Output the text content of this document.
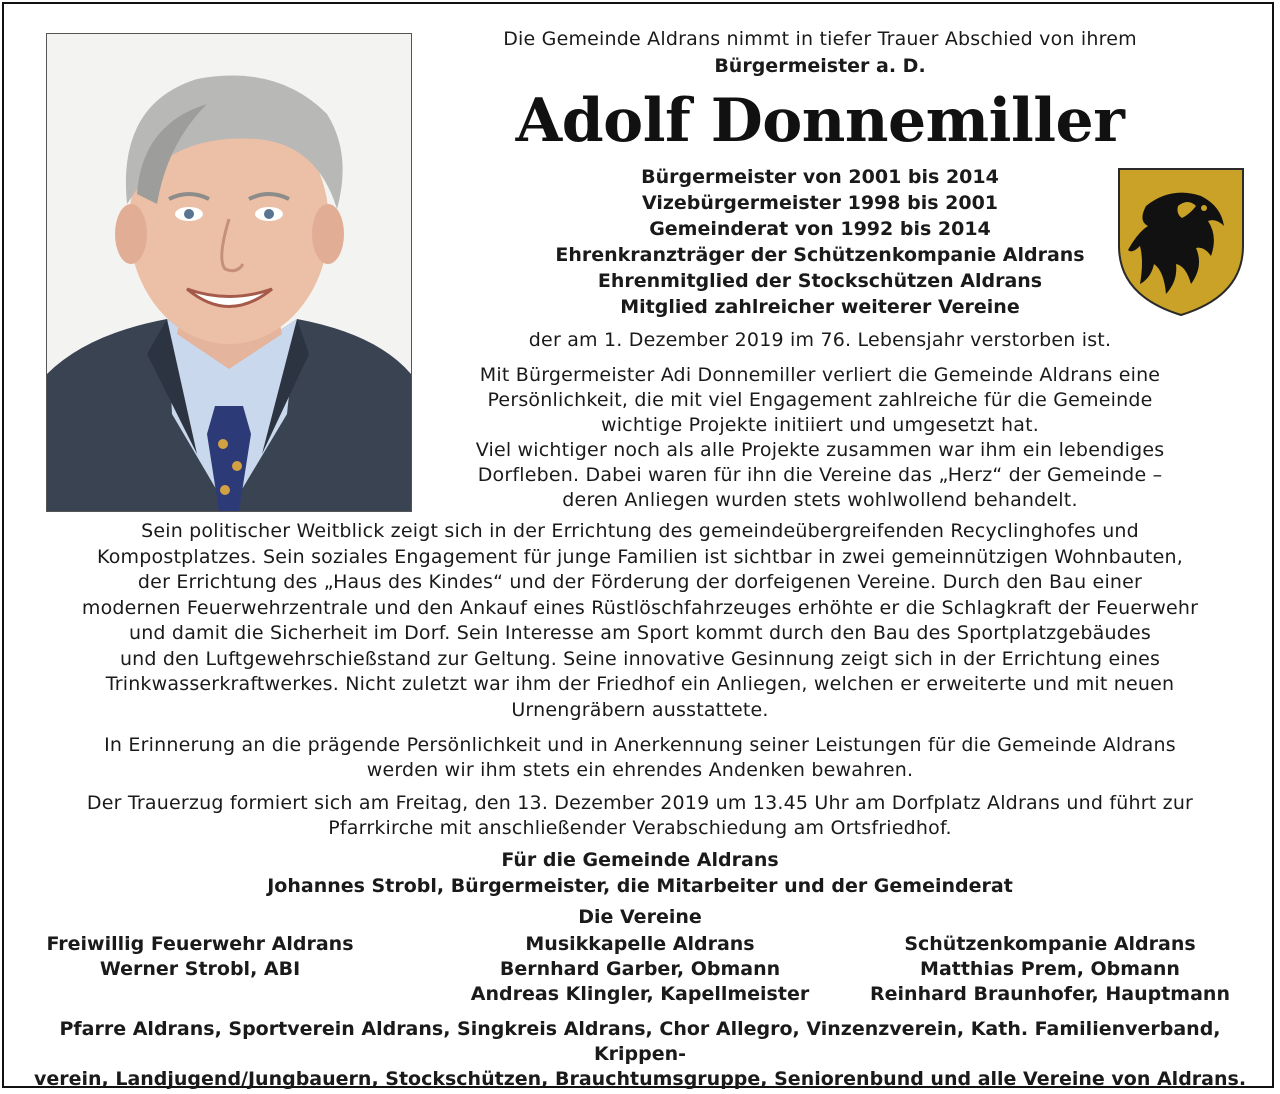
Die Gemeinde Aldrans nimmt in tiefer Trauer Abschied von ihrem
Bürgermeister a. D.
Adolf Donnemiller
Bürgermeister von 2001 bis 2014
Vizebürgermeister 1998 bis 2001
Gemeinderat von 1992 bis 2014
Ehrenkranzträger der Schützenkompanie Aldrans
Ehrenmitglied der Stockschützen Aldrans
Mitglied zahlreicher weiterer Vereine
der am 1. Dezember 2019 im 76. Lebensjahr verstorben ist.
Mit Bürgermeister Adi Donnemiller verliert die Gemeinde Aldrans eine
Persönlichkeit, die mit viel Engagement zahlreiche für die Gemeinde
wichtige Projekte initiiert und umgesetzt hat.
Viel wichtiger noch als alle Projekte zusammen war ihm ein lebendiges
Dorfleben. Dabei waren für ihn die Vereine das „Herz“ der Gemeinde –
deren Anliegen wurden stets wohlwollend behandelt.
Sein politischer Weitblick zeigt sich in der Errichtung des gemeindeübergreifenden Recyclinghofes und
Kompostplatzes. Sein soziales Engagement für junge Familien ist sichtbar in zwei gemeinnützigen Wohnbauten,
der Errichtung des „Haus des Kindes“ und der Förderung der dorfeigenen Vereine. Durch den Bau einer
modernen Feuerwehrzentrale und den Ankauf eines Rüstlöschfahrzeuges erhöhte er die Schlagkraft der Feuerwehr
und damit die Sicherheit im Dorf. Sein Interesse am Sport kommt durch den Bau des Sportplatzgebäudes
und den Luftgewehrschießstand zur Geltung. Seine innovative Gesinnung zeigt sich in der Errichtung eines
Trinkwasserkraftwerkes. Nicht zuletzt war ihm der Friedhof ein Anliegen, welchen er erweiterte und mit neuen
Urnengräbern ausstattete.
In Erinnerung an die prägende Persönlichkeit und in Anerkennung seiner Leistungen für die Gemeinde Aldrans
werden wir ihm stets ein ehrendes Andenken bewahren.
Der Trauerzug formiert sich am Freitag, den 13. Dezember 2019 um 13.45 Uhr am Dorfplatz Aldrans und führt zur
Pfarrkirche mit anschließender Verabschiedung am Ortsfriedhof.
Für die Gemeinde Aldrans
Johannes Strobl, Bürgermeister, die Mitarbeiter und der Gemeinderat
Die Vereine
Freiwillig Feuerwehr Aldrans
Werner Strobl, ABI
Musikkapelle Aldrans
Bernhard Garber, Obmann
Andreas Klingler, Kapellmeister
Schützenkompanie Aldrans
Matthias Prem, Obmann
Reinhard Braunhofer, Hauptmann
Pfarre Aldrans, Sportverein Aldrans, Singkreis Aldrans, Chor Allegro, Vinzenzverein, Kath. Familienverband, Krippen-
verein, Landjugend/Jungbauern, Stockschützen, Brauchtumsgruppe, Seniorenbund und alle Vereine von Aldrans.
